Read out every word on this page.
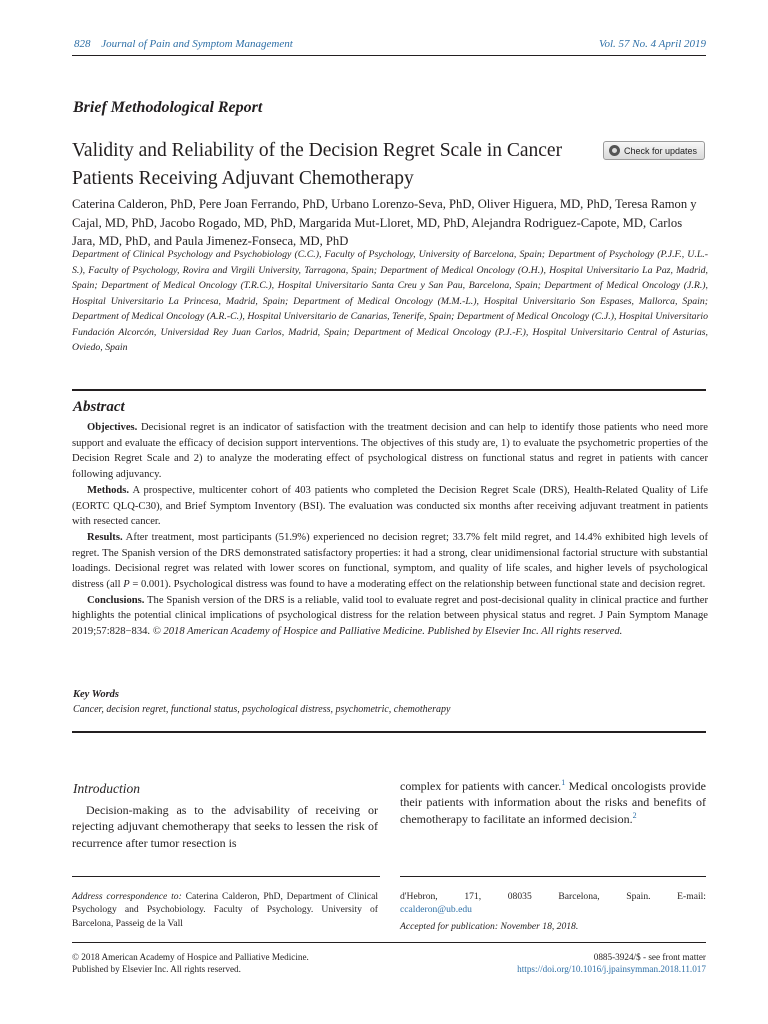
828 Journal of Pain and Symptom Management	Vol. 57 No. 4 April 2019
Brief Methodological Report
Validity and Reliability of the Decision Regret Scale in Cancer Patients Receiving Adjuvant Chemotherapy
Check for updates
Caterina Calderon, PhD, Pere Joan Ferrando, PhD, Urbano Lorenzo-Seva, PhD, Oliver Higuera, MD, PhD, Teresa Ramon y Cajal, MD, PhD, Jacobo Rogado, MD, PhD, Margarida Mut-Lloret, MD, PhD, Alejandra Rodriguez-Capote, MD, Carlos Jara, MD, PhD, and Paula Jimenez-Fonseca, MD, PhD
Department of Clinical Psychology and Psychobiology (C.C.), Faculty of Psychology, University of Barcelona, Spain; Department of Psychology (P.J.F., U.L.-S.), Faculty of Psychology, Rovira and Virgili University, Tarragona, Spain; Department of Medical Oncology (O.H.), Hospital Universitario La Paz, Madrid, Spain; Department of Medical Oncology (T.R.C.), Hospital Universitario Santa Creu y San Pau, Barcelona, Spain; Department of Medical Oncology (J.R.), Hospital Universitario La Princesa, Madrid, Spain; Department of Medical Oncology (M.M.-L.), Hospital Universitario Son Espases, Mallorca, Spain; Department of Medical Oncology (A.R.-C.), Hospital Universitario de Canarias, Tenerife, Spain; Department of Medical Oncology (C.J.), Hospital Universitario Fundación Alcorcón, Universidad Rey Juan Carlos, Madrid, Spain; Department of Medical Oncology (P.J.-F.), Hospital Universitario Central of Asturias, Oviedo, Spain
Abstract

Objectives. Decisional regret is an indicator of satisfaction with the treatment decision and can help to identify those patients who need more support and evaluate the efficacy of decision support interventions. The objectives of this study are, 1) to evaluate the psychometric properties of the Decision Regret Scale and 2) to analyze the moderating effect of psychological distress on functional status and regret in patients with cancer following adjuvancy.

Methods. A prospective, multicenter cohort of 403 patients who completed the Decision Regret Scale (DRS), Health-Related Quality of Life (EORTC QLQ-C30), and Brief Symptom Inventory (BSI). The evaluation was conducted six months after receiving adjuvant treatment in patients with resected cancer.

Results. After treatment, most participants (51.9%) experienced no decision regret; 33.7% felt mild regret, and 14.4% exhibited high levels of regret. The Spanish version of the DRS demonstrated satisfactory properties: it had a strong, clear unidimensional factorial structure with substantial loadings. Decisional regret was related with lower scores on functional, symptom, and quality of life scales, and higher levels of psychological distress (all P = 0.001). Psychological distress was found to have a moderating effect on the relationship between functional state and decision regret.

Conclusions. The Spanish version of the DRS is a reliable, valid tool to evaluate regret and post-decisional quality in clinical practice and further highlights the potential clinical implications of psychological distress for the relation between physical status and regret. J Pain Symptom Manage 2019;57:828−834. © 2018 American Academy of Hospice and Palliative Medicine. Published by Elsevier Inc. All rights reserved.

Key Words
Cancer, decision regret, functional status, psychological distress, psychometric, chemotherapy
Introduction

Decision-making as to the advisability of receiving or rejecting adjuvant chemotherapy that seeks to lessen the risk of recurrence after tumor resection is

complex for patients with cancer.$^1$ Medical oncologists provide their patients with information about the risks and benefits of chemotherapy to facilitate an informed decision.$^2$

Address correspondence to: Caterina Calderon, PhD, Department of Clinical Psychology and Psychobiology. Faculty of Psychology. University of Barcelona, Passeig de la Vall
d'Hebron,	171,	08035	Barcelona,	Spain.	E-mail:
ccalderon@ub.edu
Accepted for publication: November 18, 2018.
© 2018 American Academy of Hospice and Palliative Medicine.
Published by Elsevier Inc. All rights reserved.
0885-3924/$ - see front matter
https://doi.org/10.1016/j.jpainsymman.2018.11.017
